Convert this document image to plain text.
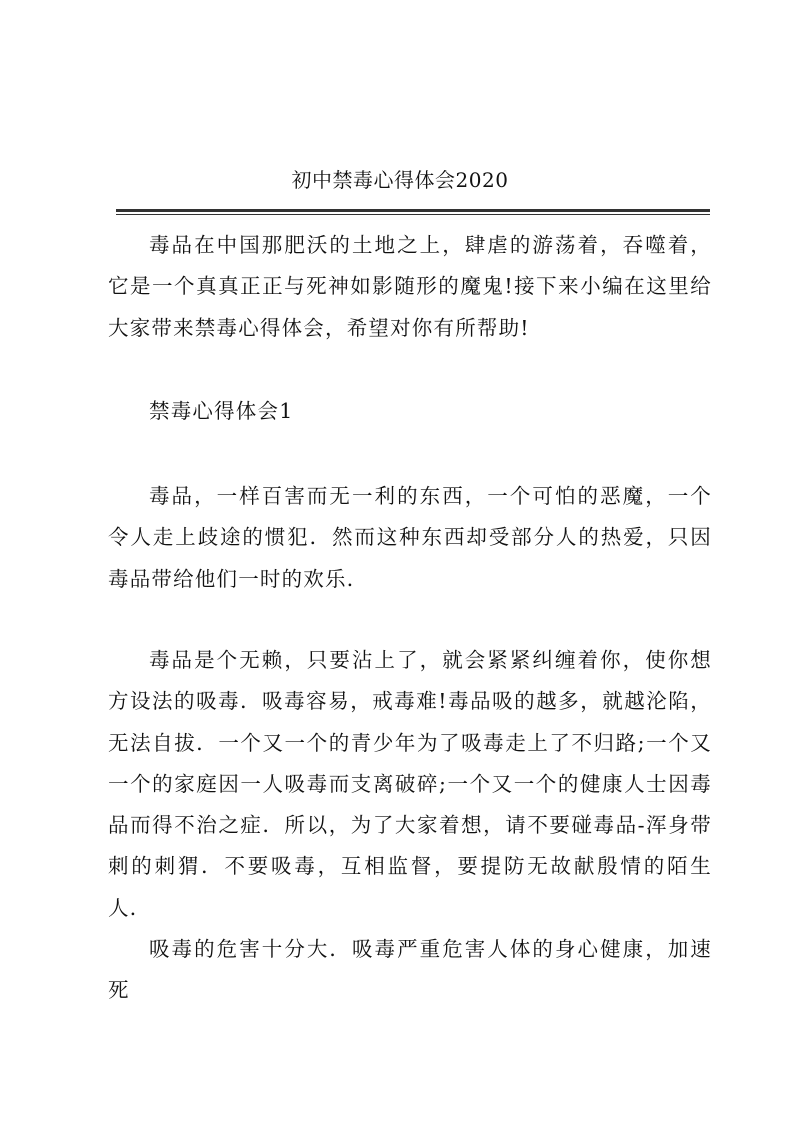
初中禁毒心得体会2020

毒品在中国那肥沃的土地之上，肆虐的游荡着，吞噬着，它是一个真真正正与死神如影随形的魔鬼!接下来小编在这里给大家带来禁毒心得体会，希望对你有所帮助!

禁毒心得体会1

毒品，一样百害而无一利的东西，一个可怕的恶魔，一个令人走上歧途的惯犯．然而这种东西却受部分人的热爱，只因毒品带给他们一时的欢乐．

毒品是个无赖，只要沾上了，就会紧紧纠缠着你，使你想方设法的吸毒．吸毒容易，戒毒难!毒品吸的越多，就越沦陷，无法自拔．一个又一个的青少年为了吸毒走上了不归路;一个又一个的家庭因一人吸毒而支离破碎;一个又一个的健康人士因毒品而得不治之症．所以，为了大家着想，请不要碰毒品-浑身带刺的刺猬．不要吸毒，互相监督，要提防无故献殷情的陌生人．

吸毒的危害十分大．吸毒严重危害人体的身心健康，加速死
